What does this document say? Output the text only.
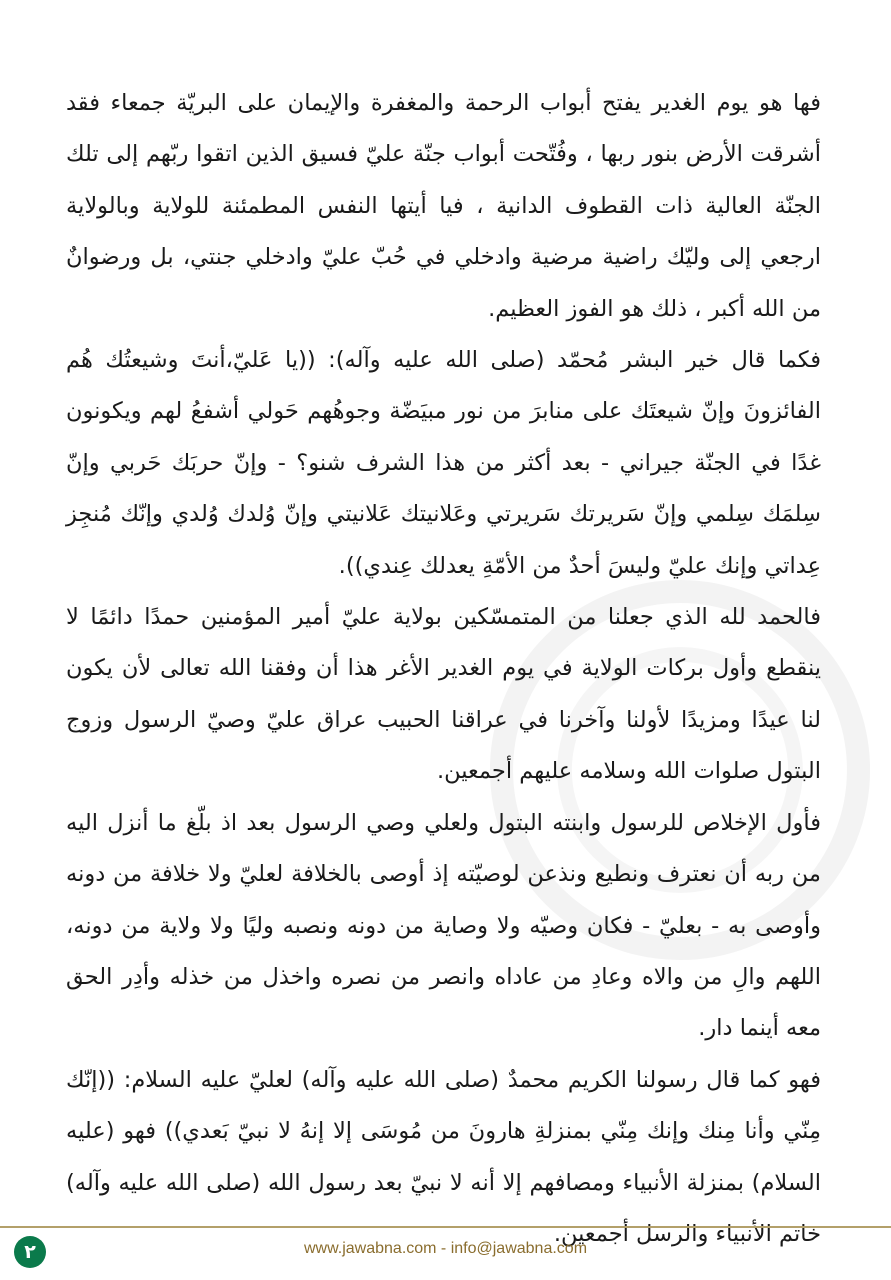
فها هو يوم الغدير يفتح أبواب الرحمة والمغفرة والإيمان على البريّة جمعاء فقد أشرقت الأرض بنور ربها ، وفُتّحت أبواب جنّة عليّ فسيق الذين اتقوا ربّهم إلى تلك الجنّة العالية ذات القطوف الدانية ، فيا أيتها النفس المطمئنة للولاية وبالولاية ارجعي إلى وليّك راضية مرضية وادخلي في حُبّ عليّ وادخلي جنتي، بل ورضوانٌ من الله أكبر ، ذلك هو الفوز العظيم.

فكما قال خير البشر مُحمّد (صلى الله عليه وآله): ((يا عَليّ،أنتَ وشيعتُك هُم الفائزونَ وإنّ شيعتَك على منابرَ من نور مبيَضّة وجوهُهم حَولي أشفعُ لهم ويكونون غدًا في الجنّة جيراني - بعد أكثر من هذا الشرف شنو؟ - وإنّ حربَك حَربي وإنّ سِلمَك سِلمي وإنّ سَريرتك سَريرتي وعَلانيتك عَلانيتي وإنّ وُلدك وُلدي وإنّك مُنجِز عِداتي وإنك عليّ وليسَ أحدٌ من الأمّةِ يعدلك عِندي)).

فالحمد لله الذي جعلنا من المتمسّكين بولاية عليّ أمير المؤمنين حمدًا دائمًا لا ينقطع وأول بركات الولاية في يوم الغدير الأغر هذا أن وفقنا الله تعالى لأن يكون لنا عيدًا ومزيدًا لأولنا وآخرنا في عراقنا الحبيب عراق عليّ وصيّ الرسول وزوج البتول صلوات الله وسلامه عليهم أجمعين.

فأول الإخلاص للرسول وابنته البتول ولعلي وصي الرسول بعد اذ بلّغ ما أنزل اليه من ربه أن نعترف ونطيع ونذعن لوصيّته إذ أوصى بالخلافة لعليّ ولا خلافة من دونه وأوصى به - بعليّ - فكان وصيّه ولا وصاية من دونه ونصبه وليًا ولا ولاية من دونه، اللهم والِ من والاه وعادِ من عاداه وانصر من نصره واخذل من خذله وأدِر الحق معه أينما دار.

فهو كما قال رسولنا الكريم محمدٌ (صلى الله عليه وآله) لعليّ عليه السلام: ((إنّك مِنّي وأنا مِنك وإنك مِنّي بمنزلةِ هارونَ من مُوسَى إلا إنهُ لا نبيّ بَعدي)) فهو (عليه السلام) بمنزلة الأنبياء ومصافهم إلا أنه لا نبيّ بعد رسول الله (صلى الله عليه وآله) خاتم الأنبياء والرسل أجمعين.

٢	www.jawabna.com - info@jawabna.com
